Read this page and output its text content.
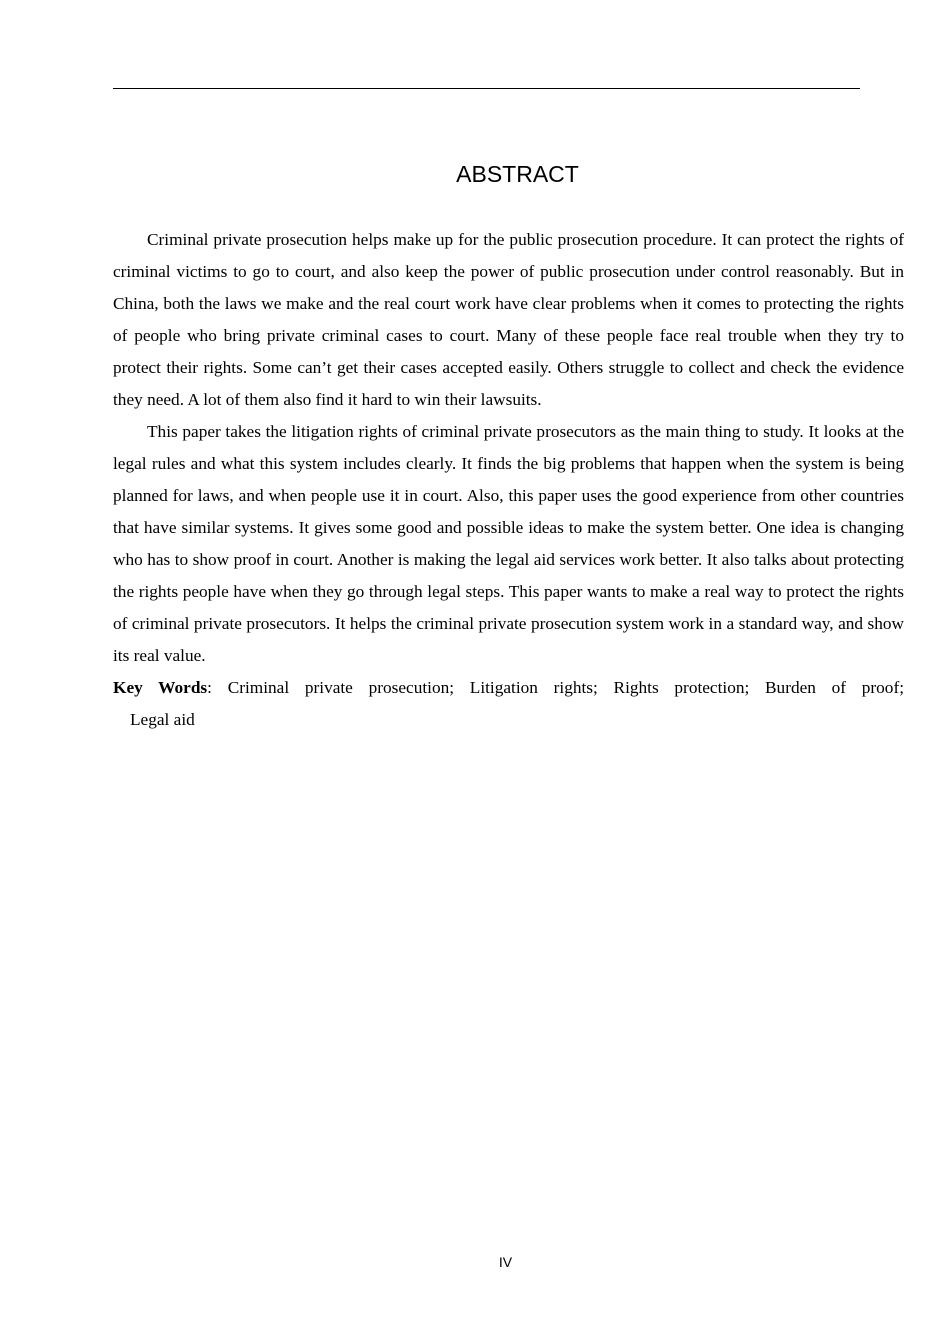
ABSTRACT

Criminal private prosecution helps make up for the public prosecution procedure. It can protect the rights of criminal victims to go to court, and also keep the power of public prosecution under control reasonably. But in China, both the laws we make and the real court work have clear problems when it comes to protecting the rights of people who bring private criminal cases to court. Many of these people face real trouble when they try to protect their rights. Some can’t get their cases accepted easily. Others struggle to collect and check the evidence they need. A lot of them also find it hard to win their lawsuits.

This paper takes the litigation rights of criminal private prosecutors as the main thing to study. It looks at the legal rules and what this system includes clearly. It finds the big problems that happen when the system is being planned for laws, and when people use it in court. Also, this paper uses the good experience from other countries that have similar systems. It gives some good and possible ideas to make the system better. One idea is changing who has to show proof in court. Another is making the legal aid services work better. It also talks about protecting the rights people have when they go through legal steps. This paper wants to make a real way to protect the rights of criminal private prosecutors. It helps the criminal private prosecution system work in a standard way, and show its real value.

Key Words: Criminal private prosecution; Litigation rights; Rights protection; Burden of proof;
Legal aid
IV
